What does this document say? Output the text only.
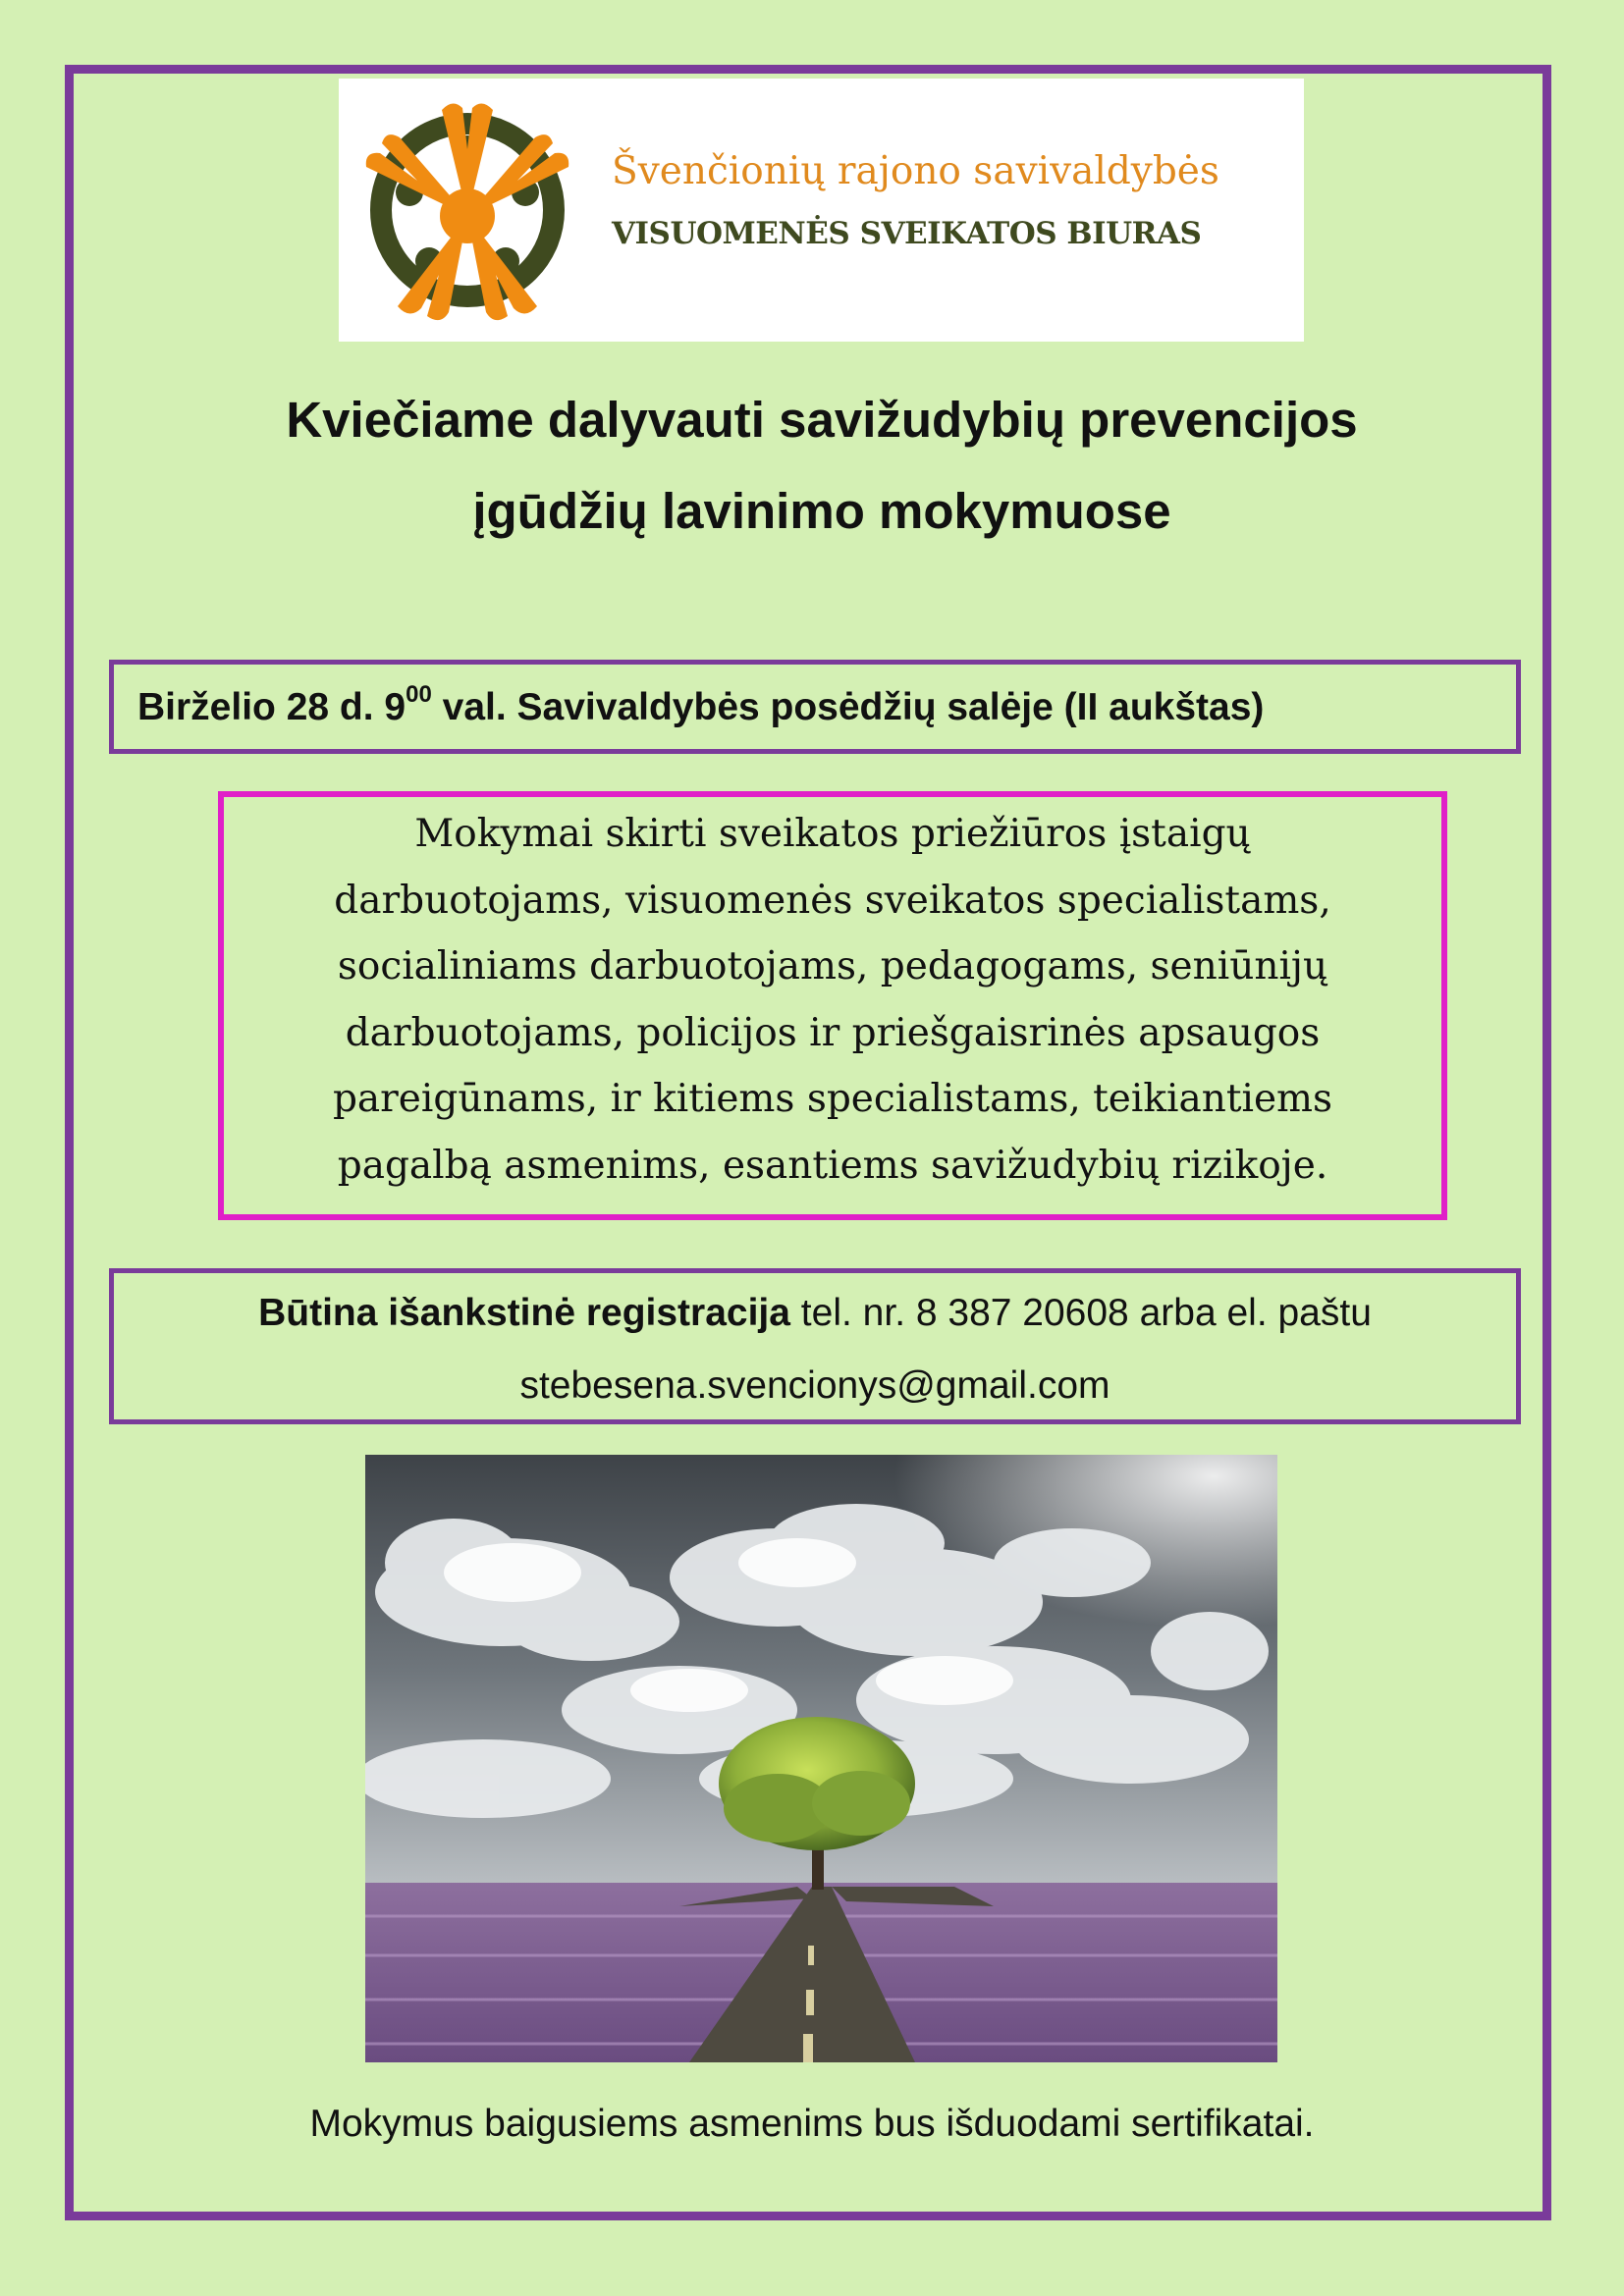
Švenčionių rajono savivaldybės
VISUOMENĖS SVEIKATOS BIURAS
Kviečiame dalyvauti savižudybių prevencijos
įgūdžių lavinimo mokymuose
Birželio 28 d. $9^{00}$ val. Savivaldybės posėdžių salėje (II aukštas)
Mokymai skirti sveikatos priežiūros įstaigų
darbuotojams, visuomenės sveikatos specialistams,
socialiniams darbuotojams, pedagogams, seniūnijų
darbuotojams, policijos ir priešgaisrinės apsaugos
pareigūnams, ir kitiems specialistams, teikiantiems
pagalbą asmenims, esantiems savižudybių rizikoje.
Būtina išankstinė registracija tel. nr. 8 387 20608 arba el. paštu
stebesena.svencionys@gmail.com
Mokymus baigusiems asmenims bus išduodami sertifikatai.
